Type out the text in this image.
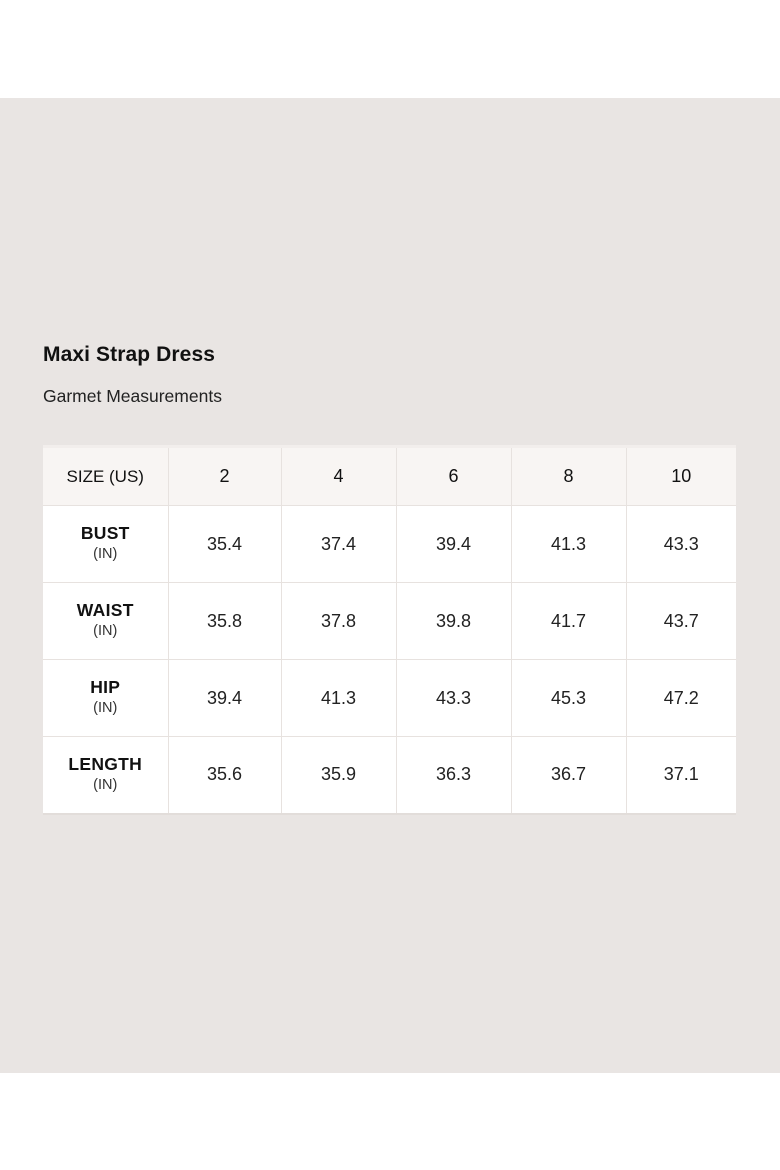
Maxi Strap Dress
Garmet Measurements
SIZE (US)	2	4	6	8	10

BUST
(IN)	35.4	37.4	39.4	41.3	43.3

WAIST
(IN)	35.8	37.8	39.8	41.7	43.7

HIP
(IN)	39.4	41.3	43.3	45.3	47.2

LENGTH
(IN)	35.6	35.9	36.3	36.7	37.1
